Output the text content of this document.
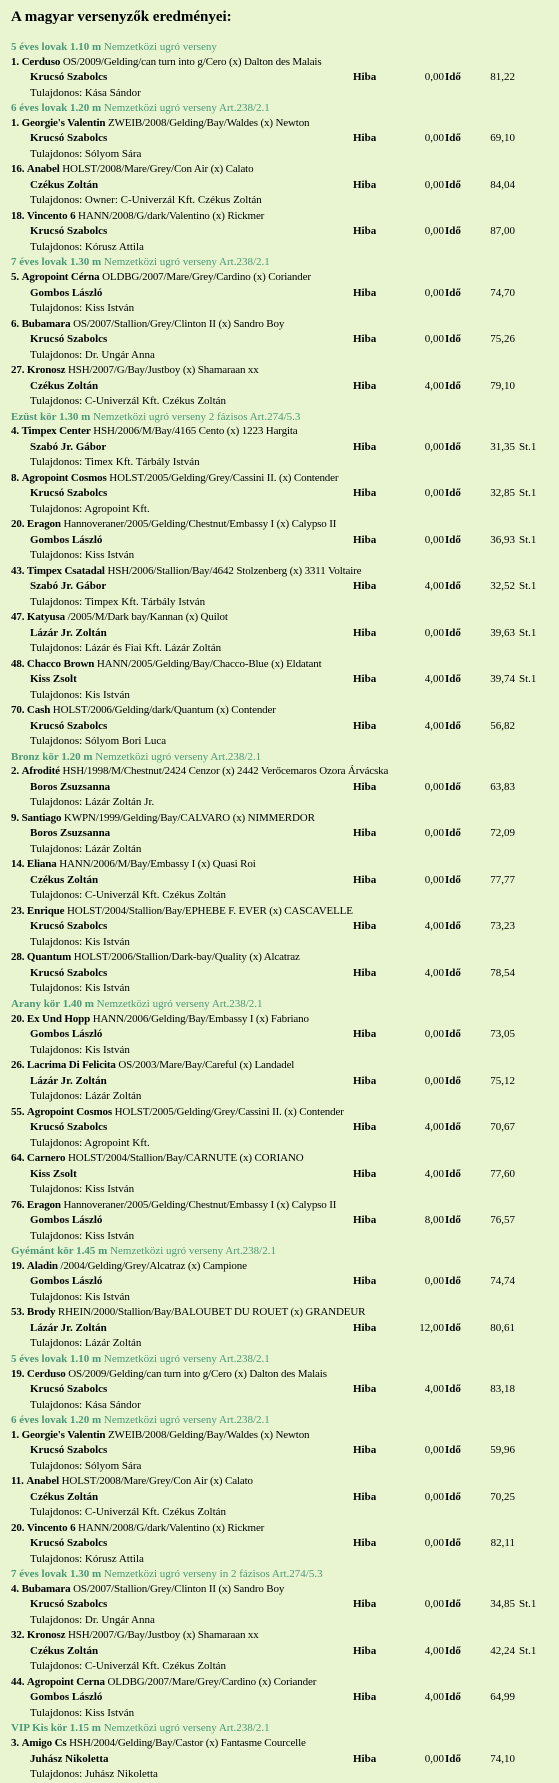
A magyar versenyzők eredményei:
5 éves lovak 1.10 m Nemzetközi ugró verseny
1. Cerduso OS/2009/Gelding/can turn into g/Cero (x) Dalton des Malais
Krucsó Szabolcs	Hiba	0,00 Idő	81,22
Tulajdonos: Kása Sándor
6 éves lovak 1.20 m Nemzetközi ugró verseny Art.238/2.1
1. Georgie's Valentin ZWEIB/2008/Gelding/Bay/Waldes (x) Newton
Krucsó Szabolcs	Hiba	0,00 Idő	69,10
Tulajdonos: Sólyom Sára
16. Anabel HOLST/2008/Mare/Grey/Con Air (x) Calato
Czékus Zoltán	Hiba	0,00 Idő	84,04
Tulajdonos: Owner: C-Univerzál Kft. Czékus Zoltán
18. Vincento 6 HANN/2008/G/dark/Valentino (x) Rickmer
Krucsó Szabolcs	Hiba	0,00 Idő	87,00
Tulajdonos: Kórusz Attila
7 éves lovak 1.30 m Nemzetközi ugró verseny Art.238/2.1
5. Agropoint Cérna OLDBG/2007/Mare/Grey/Cardino (x) Coriander
Gombos László	Hiba	0,00 Idő	74,70
Tulajdonos: Kiss István
6. Bubamara OS/2007/Stallion/Grey/Clinton II (x) Sandro Boy
Krucsó Szabolcs	Hiba	0,00 Idő	75,26
Tulajdonos: Dr. Ungár Anna
27. Kronosz HSH/2007/G/Bay/Justboy (x) Shamaraan xx
Czékus Zoltán	Hiba	4,00 Idő	79,10
Tulajdonos: C-Univerzál Kft. Czékus Zoltán
Ezüst kör 1.30 m Nemzetközi ugró verseny 2 fázisos Art.274/5.3
4. Timpex Center HSH/2006/M/Bay/4165 Cento (x) 1223 Hargita
Szabó Jr. Gábor	Hiba	0,00 Idő	31,35 St.1
Tulajdonos: Timex Kft. Tárbály István
8. Agropoint Cosmos HOLST/2005/Gelding/Grey/Cassini II. (x) Contender
Krucsó Szabolcs	Hiba	0,00 Idő	32,85 St.1
Tulajdonos: Agropoint Kft.
20. Eragon Hannoveraner/2005/Gelding/Chestnut/Embassy I (x) Calypso II
Gombos László	Hiba	0,00 Idő	36,93 St.1
Tulajdonos: Kiss István
43. Timpex Csatadal HSH/2006/Stallion/Bay/4642 Stolzenberg (x) 3311 Voltaire
Szabó Jr. Gábor	Hiba	4,00 Idő	32,52 St.1
Tulajdonos: Timpex Kft. Tárbály István
47. Katyusa /2005/M/Dark bay/Kannan (x) Quilot
Lázár Jr. Zoltán	Hiba	0,00 Idő	39,63 St.1
Tulajdonos: Lázár és Fiai Kft. Lázár Zoltán
48. Chacco Brown HANN/2005/Gelding/Bay/Chacco-Blue (x) Eldatant
Kiss Zsolt	Hiba	4,00 Idő	39,74 St.1
Tulajdonos: Kis István
70. Cash HOLST/2006/Gelding/dark/Quantum (x) Contender
Krucsó Szabolcs	Hiba	4,00 Idő	56,82
Tulajdonos: Sólyom Bori Luca
Bronz kör 1.20 m Nemzetközi ugró verseny Art.238/2.1
2. Afrodité HSH/1998/M/Chestnut/2424 Cenzor (x) 2442 Verőcemaros Ozora Árvácska
Boros Zsuzsanna	Hiba	0,00 Idő	63,83
Tulajdonos: Lázár Zoltán Jr.
9. Santiago KWPN/1999/Gelding/Bay/CALVARO (x) NIMMERDOR
Boros Zsuzsanna	Hiba	0,00 Idő	72,09
Tulajdonos: Lázár Zoltán
14. Eliana HANN/2006/M/Bay/Embassy I (x) Quasi Roi
Czékus Zoltán	Hiba	0,00 Idő	77,77
Tulajdonos: C-Univerzál Kft. Czékus Zoltán
23. Enrique HOLST/2004/Stallion/Bay/EPHEBE F. EVER (x) CASCAVELLE
Krucsó Szabolcs	Hiba	4,00 Idő	73,23
Tulajdonos: Kis István
28. Quantum HOLST/2006/Stallion/Dark-bay/Quality (x) Alcatraz
Krucsó Szabolcs	Hiba	4,00 Idő	78,54
Tulajdonos: Kis István
Arany kör 1.40 m Nemzetközi ugró verseny Art.238/2.1
20. Ex Und Hopp HANN/2006/Gelding/Bay/Embassy I (x) Fabriano
Gombos László	Hiba	0,00 Idő	73,05
Tulajdonos: Kis István
26. Lacrima Di Felicita OS/2003/Mare/Bay/Careful (x) Landadel
Lázár Jr. Zoltán	Hiba	0,00 Idő	75,12
Tulajdonos: Lázár Zoltán
55. Agropoint Cosmos HOLST/2005/Gelding/Grey/Cassini II. (x) Contender
Krucsó Szabolcs	Hiba	4,00 Idő	70,67
Tulajdonos: Agropoint Kft.
64. Carnero HOLST/2004/Stallion/Bay/CARNUTE (x) CORIANO
Kiss Zsolt	Hiba	4,00 Idő	77,60
Tulajdonos: Kiss István
76. Eragon Hannoveraner/2005/Gelding/Chestnut/Embassy I (x) Calypso II
Gombos László	Hiba	8,00 Idő	76,57
Tulajdonos: Kiss István
Gyémánt kör 1.45 m Nemzetközi ugró verseny Art.238/2.1
19. Aladin /2004/Gelding/Grey/Alcatraz (x) Campione
Gombos László	Hiba	0,00 Idő	74,74
Tulajdonos: Kis István
53. Brody RHEIN/2000/Stallion/Bay/BALOUBET DU ROUET (x) GRANDEUR
Lázár Jr. Zoltán	Hiba	12,00 Idő	80,61
Tulajdonos: Lázár Zoltán
5 éves lovak 1.10 m Nemzetközi ugró verseny Art.238/2.1
19. Cerduso OS/2009/Gelding/can turn into g/Cero (x) Dalton des Malais
Krucsó Szabolcs	Hiba	4,00 Idő	83,18
Tulajdonos: Kása Sándor
6 éves lovak 1.20 m Nemzetközi ugró verseny Art.238/2.1
1. Georgie's Valentin ZWEIB/2008/Gelding/Bay/Waldes (x) Newton
Krucsó Szabolcs	Hiba	0,00 Idő	59,96
Tulajdonos: Sólyom Sára
11. Anabel HOLST/2008/Mare/Grey/Con Air (x) Calato
Czékus Zoltán	Hiba	0,00 Idő	70,25
Tulajdonos: C-Univerzál Kft. Czékus Zoltán
20. Vincento 6 HANN/2008/G/dark/Valentino (x) Rickmer
Krucsó Szabolcs	Hiba	0,00 Idő	82,11
Tulajdonos: Kórusz Attila
7 éves lovak 1.30 m Nemzetközi ugró verseny in 2 fázisos Art.274/5.3
4. Bubamara OS/2007/Stallion/Grey/Clinton II (x) Sandro Boy
Krucsó Szabolcs	Hiba	0,00 Idő	34,85 St.1
Tulajdonos: Dr. Ungár Anna
32. Kronosz HSH/2007/G/Bay/Justboy (x) Shamaraan xx
Czékus Zoltán	Hiba	4,00 Idő	42,24 St.1
Tulajdonos: C-Univerzál Kft. Czékus Zoltán
44. Agropoint Cerna OLDBG/2007/Mare/Grey/Cardino (x) Coriander
Gombos László	Hiba	4,00 Idő	64,99
Tulajdonos: Kiss István
VIP Kis kör 1.15 m Nemzetközi ugró verseny Art.238/2.1
3. Amigo Cs HSH/2004/Gelding/Bay/Castor (x) Fantasme Courcelle
Juhász Nikoletta	Hiba	0,00 Idő	74,10
Tulajdonos: Juhász Nikoletta
